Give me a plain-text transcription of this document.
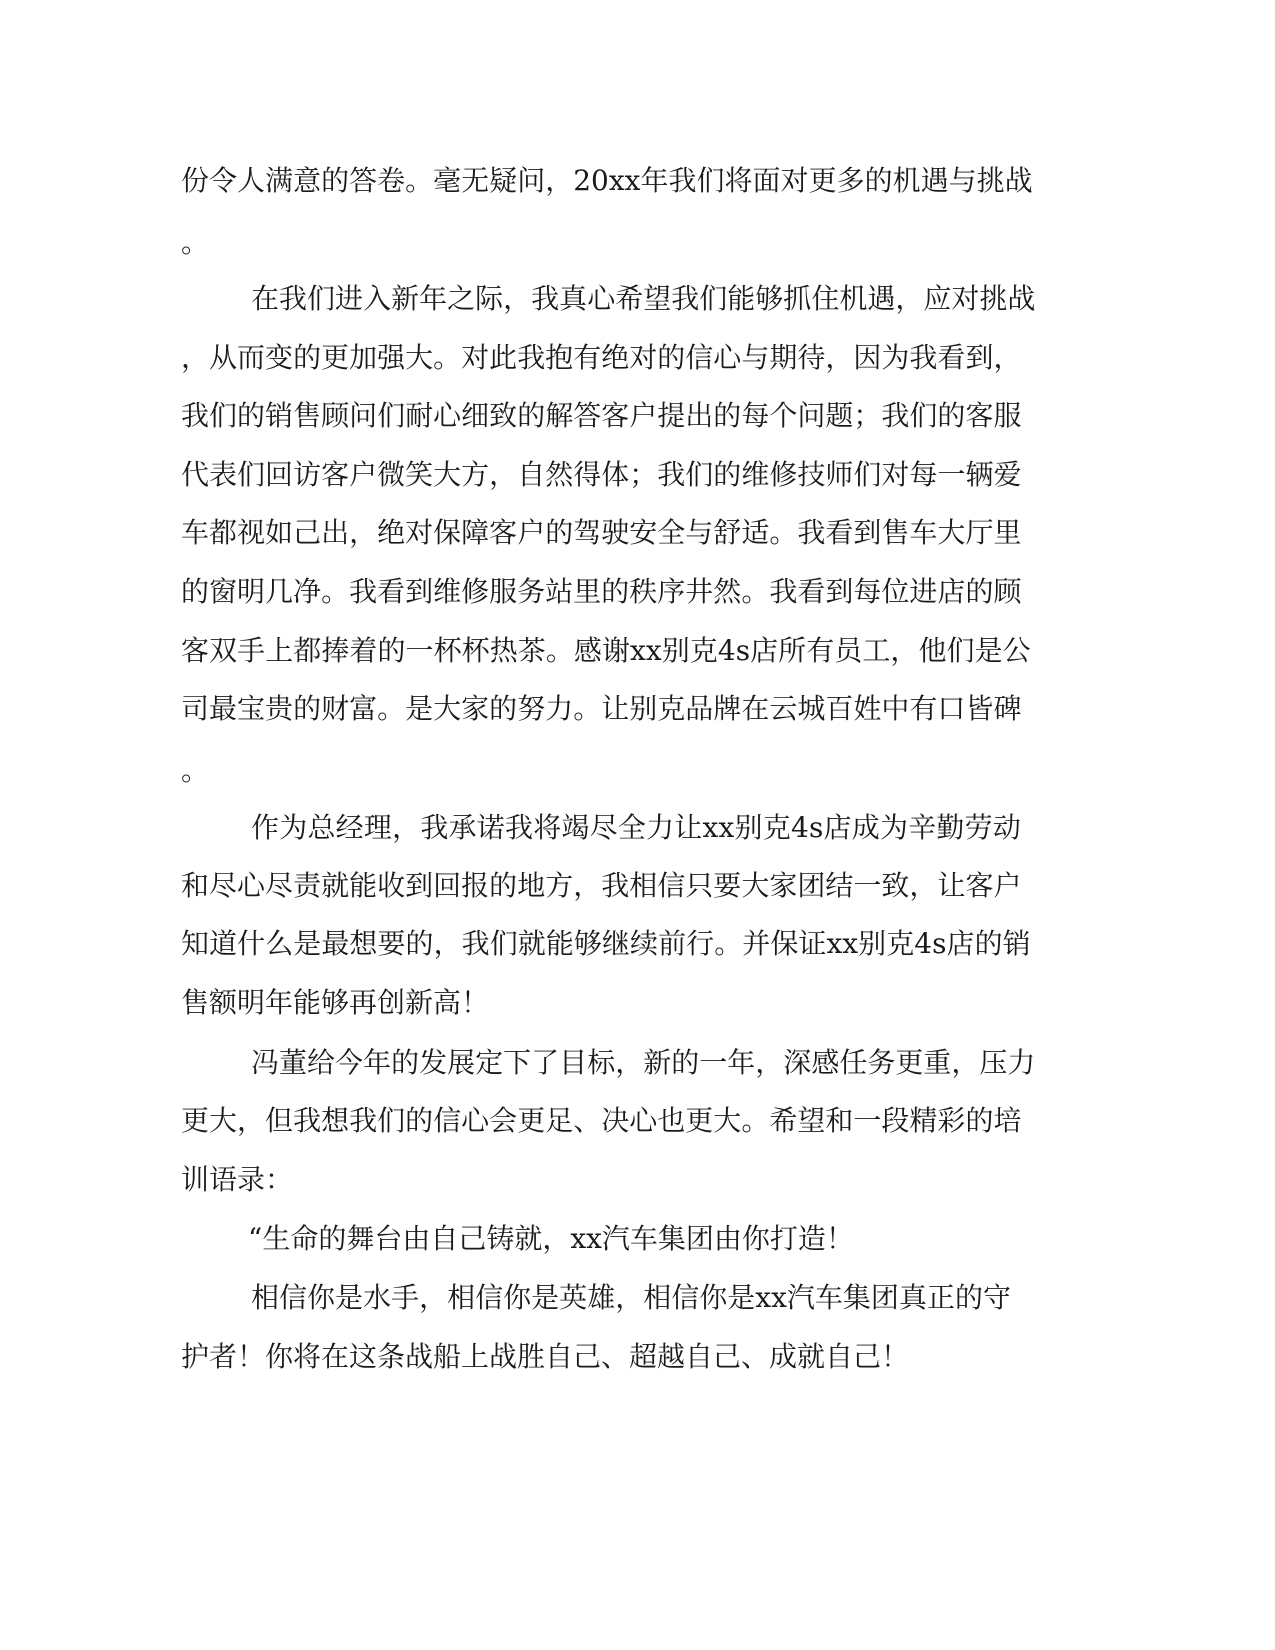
份 令 人 满 意 的 答 卷 。 毫 无 疑 问 ， 2 0 x x 年 我 们 将 面 对 更 多 的 机 遇 与 挑 战
。
在 我 们 进 入 新 年 之 际 ， 我 真 心 希 望 我 们 能 够 抓 住 机 遇 ， 应 对 挑 战
， 从 而 变 的 更 加 强 大 。 对 此 我 抱 有 绝 对 的 信 心 与 期 待 ， 因 为 我 看 到 ，
我 们 的 销 售 顾 问 们 耐 心 细 致 的 解 答 客 户 提 出 的 每 个 问 题 ； 我 们 的 客 服
代 表 们 回 访 客 户 微 笑 大 方 ， 自 然 得 体 ； 我 们 的 维 修 技 师 们 对 每 一 辆 爱
车 都 视 如 己 出 ， 绝 对 保 障 客 户 的 驾 驶 安 全 与 舒 适 。 我 看 到 售 车 大 厅 里
的 窗 明 几 净 。 我 看 到 维 修 服 务 站 里 的 秩 序 井 然 。 我 看 到 每 位 进 店 的 顾
客 双 手 上 都 捧 着 的 一 杯 杯 热 茶 。 感 谢 x x 别 克 4 s 店 所 有 员 工 ， 他 们 是 公
司 最 宝 贵 的 财 富 。 是 大 家 的 努 力 。 让 别 克 品 牌 在 云 城 百 姓 中 有 口 皆 碑
。
作 为 总 经 理 ， 我 承 诺 我 将 竭 尽 全 力 让 x x 别 克 4 s 店 成 为 辛 勤 劳 动
和 尽 心 尽 责 就 能 收 到 回 报 的 地 方 ， 我 相 信 只 要 大 家 团 结 一 致 ， 让 客 户
知 道 什 么 是 最 想 要 的 ， 我 们 就 能 够 继 续 前 行 。 并 保 证 x x 别 克 4 s 店 的 销
售额明年能够再创新高！
冯 董 给 今 年 的 发 展 定 下 了 目 标 ， 新 的 一 年 ， 深 感 任 务 更 重 ， 压 力
更 大 ， 但 我 想 我 们 的 信 心 会 更 足 、 决 心 也 更 大 。 希 望 和 一 段 精 彩 的 培
训语录：
“生命的舞台由自己铸就，xx汽车集团由你打造！
相 信 你 是 水 手 ， 相 信 你 是 英 雄 ， 相 信 你 是 x x 汽 车 集 团 真 正 的 守
护者！你将在这条战船上战胜自己、超越自己、成就自己！
